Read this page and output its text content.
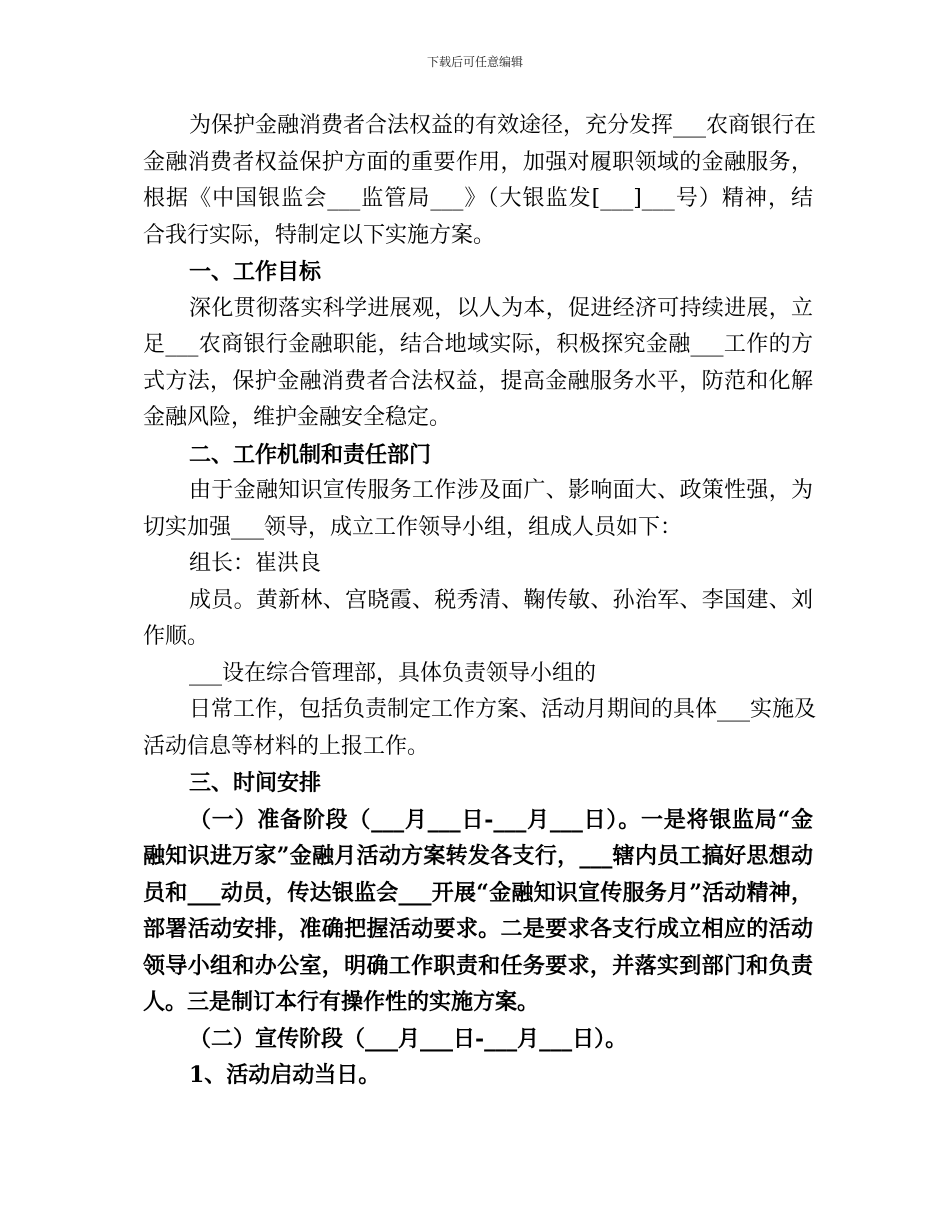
下载后可任意编辑
为保护金融消费者合法权益的有效途径，充分发挥___农商银行在
金融消费者权益保护方面的重要作用，加强对履职领域的金融服务，
根据《中国银监会___监管局___》（大银监发[___]___号）精神，结
合我行实际，特制定以下实施方案。
一、工作目标
深化贯彻落实科学进展观，以人为本，促进经济可持续进展，立
足___农商银行金融职能，结合地域实际，积极探究金融___工作的方
式方法，保护金融消费者合法权益，提高金融服务水平，防范和化解
金融风险，维护金融安全稳定。
二、工作机制和责任部门
由于金融知识宣传服务工作涉及面广、影响面大、政策性强，为
切实加强___领导，成立工作领导小组，组成人员如下：
组长：崔洪良
成员。黄新林、宫晓霞、税秀清、鞠传敏、孙治军、李国建、刘
作顺。
___设在综合管理部，具体负责领导小组的
日常工作，包括负责制定工作方案、活动月期间的具体___实施及
活动信息等材料的上报工作。
三、时间安排
（一）准备阶段（___月___日-___月___日）。一是将银监局“金
融知识进万家”金融月活动方案转发各支行，___辖内员工搞好思想动
员和___动员，传达银监会___开展“金融知识宣传服务月”活动精神，
部署活动安排，准确把握活动要求。二是要求各支行成立相应的活动
领导小组和办公室，明确工作职责和任务要求，并落实到部门和负责
人。三是制订本行有操作性的实施方案。
（二）宣传阶段（___月___日-___月___日）。
1、活动启动当日。
